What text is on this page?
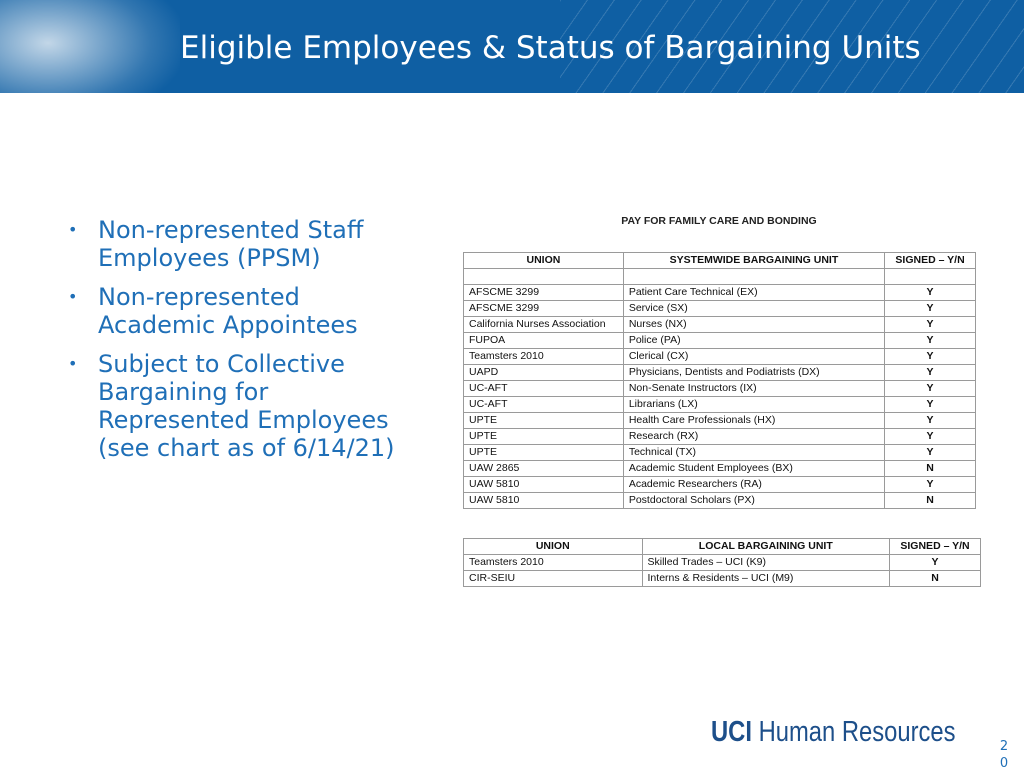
Eligible Employees & Status of Bargaining Units
• Non-represented Staff Employees (PPSM)
• Non-represented Academic Appointees
• Subject to Collective Bargaining for Represented Employees (see chart as of 6/14/21)
PAY FOR FAMILY CARE AND BONDING
UNION	SYSTEMWIDE BARGAINING UNIT	SIGNED – Y/N

AFSCME 3299	Patient Care Technical (EX)	Y
AFSCME 3299	Service (SX)	Y
California Nurses Association	Nurses (NX)	Y
FUPOA	Police (PA)	Y
Teamsters 2010	Clerical (CX)	Y
UAPD	Physicians, Dentists and Podiatrists (DX)	Y
UC-AFT	Non-Senate Instructors (IX)	Y
UC-AFT	Librarians (LX)	Y
UPTE	Health Care Professionals (HX)	Y
UPTE	Research (RX)	Y
UPTE	Technical (TX)	Y
UAW 2865	Academic Student Employees (BX)	N
UAW 5810	Academic Researchers (RA)	Y
UAW 5810	Postdoctoral Scholars (PX)	N
UNION	LOCAL BARGAINING UNIT	SIGNED – Y/N
Teamsters 2010	Skilled Trades – UCI (K9)	Y
CIR-SEIU	Interns & Residents – UCI (M9)	N
UCI Human Resources	20
